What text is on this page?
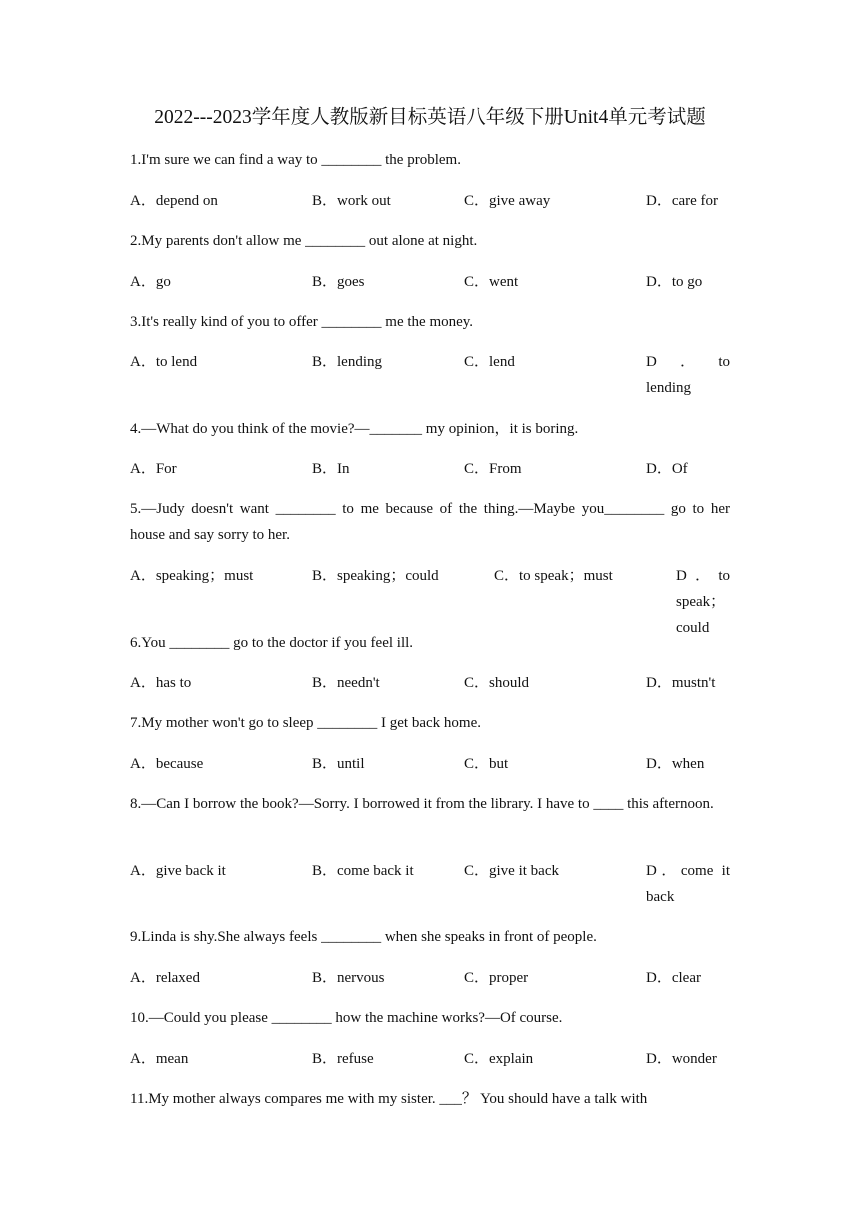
2022---2023学年度人教版新目标英语八年级下册Unit4单元考试题
1.I'm sure we can find a way to ________ the problem.
A．depend on	B．work out	C．give away	D．care for
2.My parents don't allow me ________ out alone at night.
A．go	B．goes	C．went	D．to go
3.It's really kind of you to offer ________ me the money.
A．to lend	B．lending	C．lend	D．to lending
4.—What do you think of the movie?—_______ my opinion，it is boring.
A．For	B．In	C．From	D．Of
5.—Judy doesn't want ________ to me because of the thing.—Maybe you________ go to her house and say sorry to her.
A．speaking；must	B．speaking；could	C．to speak；must	D．to speak；could
6.You ________ go to the doctor if you feel ill.
A．has to	B．needn't	C．should	D．mustn't
7.My mother won't go to sleep ________ I get back home.
A．because	B．until	C．but	D．when
8.—Can I borrow the book?—Sorry. I borrowed it from the library. I have to ____ this afternoon.
A．give back it	B．come back it	C．give it back	D．come it back
9.Linda is shy.She always feels ________ when she speaks in front of people.
A．relaxed	B．nervous	C．proper	D．clear
10.—Could you please ________ how the machine works?—Of course.
A．mean	B．refuse	C．explain	D．wonder
11.My mother always compares me with my sister. ___？ You should have a talk with
